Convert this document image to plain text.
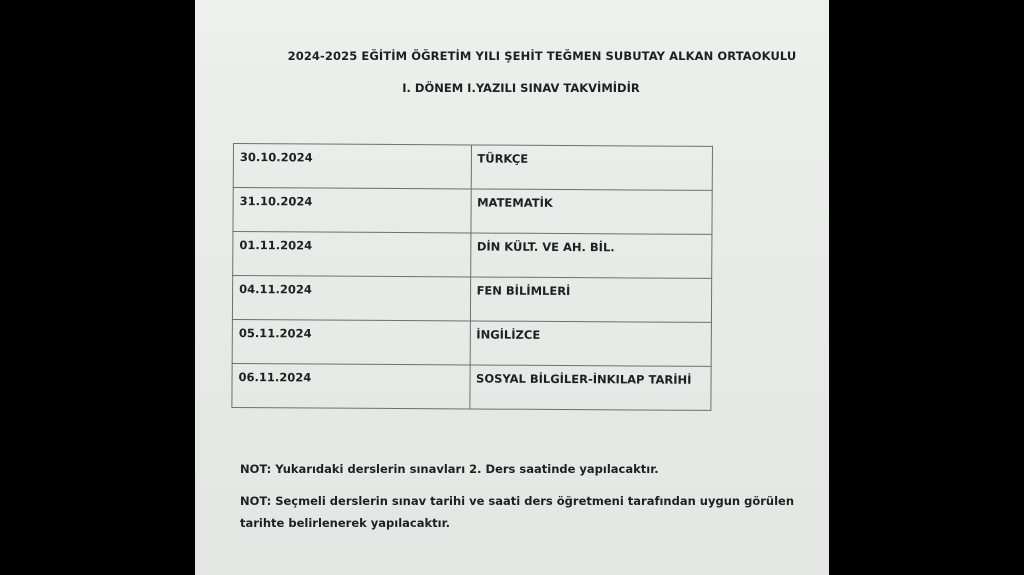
2024-2025 EĞİTİM ÖĞRETİM YILI ŞEHİT TEĞMEN SUBUTAY ALKAN ORTAOKULU
I. DÖNEM I.YAZILI SINAV TAKVİMİDİR
30.10.2024	TÜRKÇE
31.10.2024	MATEMATİK
01.11.2024	DİN KÜLT. VE AH. BİL.
04.11.2024	FEN BİLİMLERİ
05.11.2024	İNGİLİZCE
06.11.2024	SOSYAL BİLGİLER-İNKILAP TARİHİ
NOT: Yukarıdaki derslerin sınavları 2. Ders saatinde yapılacaktır.
NOT: Seçmeli derslerin sınav tarihi ve saati ders öğretmeni tarafından uygun görülen tarihte belirlenerek yapılacaktır.
